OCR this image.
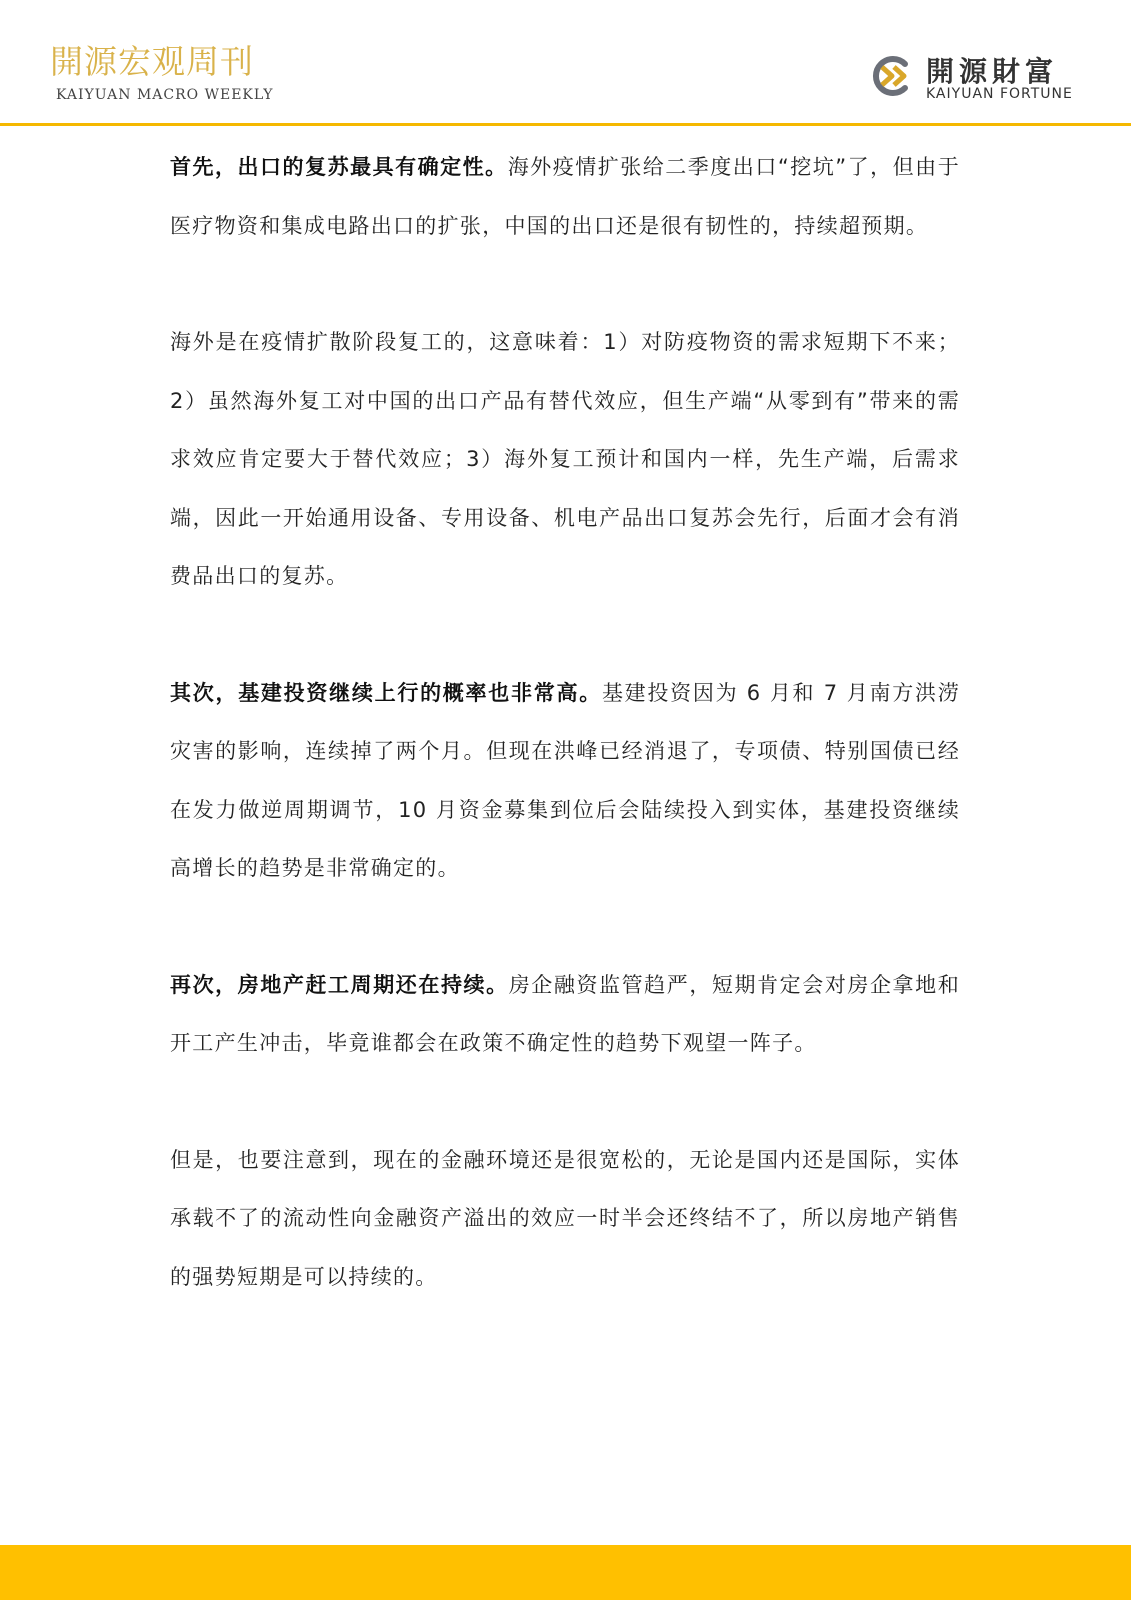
開源宏观周刊
KAIYUAN MACRO WEEKLY
開源財富
KAIYUAN FORTUNE

首先，出口的复苏最具有确定性。海外疫情扩张给二季度出口“挖坑”了，但由于医疗物资和集成电路出口的扩张，中国的出口还是很有韧性的，持续超预期。

海外是在疫情扩散阶段复工的，这意味着：1）对防疫物资的需求短期下不来；2）虽然海外复工对中国的出口产品有替代效应，但生产端“从零到有”带来的需求效应肯定要大于替代效应；3）海外复工预计和国内一样，先生产端，后需求端，因此一开始通用设备、专用设备、机电产品出口复苏会先行，后面才会有消费品出口的复苏。

其次，基建投资继续上行的概率也非常高。基建投资因为 6 月和 7 月南方洪涝灾害的影响，连续掉了两个月。但现在洪峰已经消退了，专项债、特别国债已经在发力做逆周期调节，10 月资金募集到位后会陆续投入到实体，基建投资继续高增长的趋势是非常确定的。

再次，房地产赶工周期还在持续。房企融资监管趋严，短期肯定会对房企拿地和开工产生冲击，毕竟谁都会在政策不确定性的趋势下观望一阵子。

但是，也要注意到，现在的金融环境还是很宽松的，无论是国内还是国际，实体承载不了的流动性向金融资产溢出的效应一时半会还终结不了，所以房地产销售的强势短期是可以持续的。
